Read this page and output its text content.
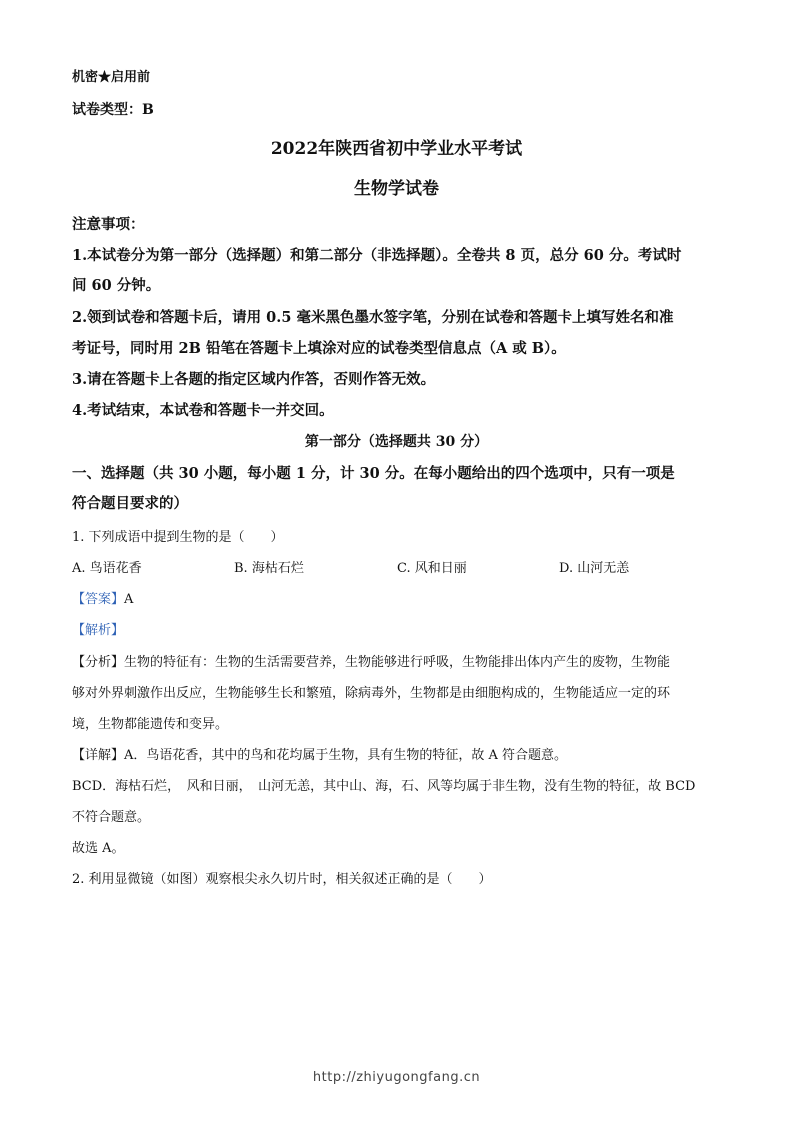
机密★启用前
试卷类型：B
2022年陕西省初中学业水平考试
生物学试卷
注意事项：
1.本试卷分为第一部分（选择题）和第二部分（非选择题）。全卷共 8 页，总分 60 分。考试时
间 60 分钟。
2.领到试卷和答题卡后，请用 0.5 毫米黑色墨水签字笔，分别在试卷和答题卡上填写姓名和准
考证号，同时用 2B 铅笔在答题卡上填涂对应的试卷类型信息点（A 或 B）。
3.请在答题卡上各题的指定区域内作答，否则作答无效。
4.考试结束，本试卷和答题卡一并交回。
第一部分（选择题共 30 分）
一、选择题（共 30 小题，每小题 1 分，计 30 分。在每小题给出的四个选项中，只有一项是
符合题目要求的）
1. 下列成语中提到生物的是（　　）
A. 鸟语花香	B. 海枯石烂	C. 风和日丽	D. 山河无恙
【答案】A
【解析】
【分析】生物的特征有：生物的生活需要营养，生物能够进行呼吸，生物能排出体内产生的废物，生物能
够对外界刺激作出反应，生物能够生长和繁殖，除病毒外，生物都是由细胞构成的，生物能适应一定的环
境，生物都能遗传和变异。
【详解】A．鸟语花香，其中的鸟和花均属于生物，具有生物的特征，故 A 符合题意。
BCD．海枯石烂，　风和日丽，　山河无恙，其中山、海，石、风等均属于非生物，没有生物的特征，故 BCD
不符合题意。
故选 A。
2. 利用显微镜（如图）观察根尖永久切片时，相关叙述正确的是（　　）
http://zhiyugongfang.cn
